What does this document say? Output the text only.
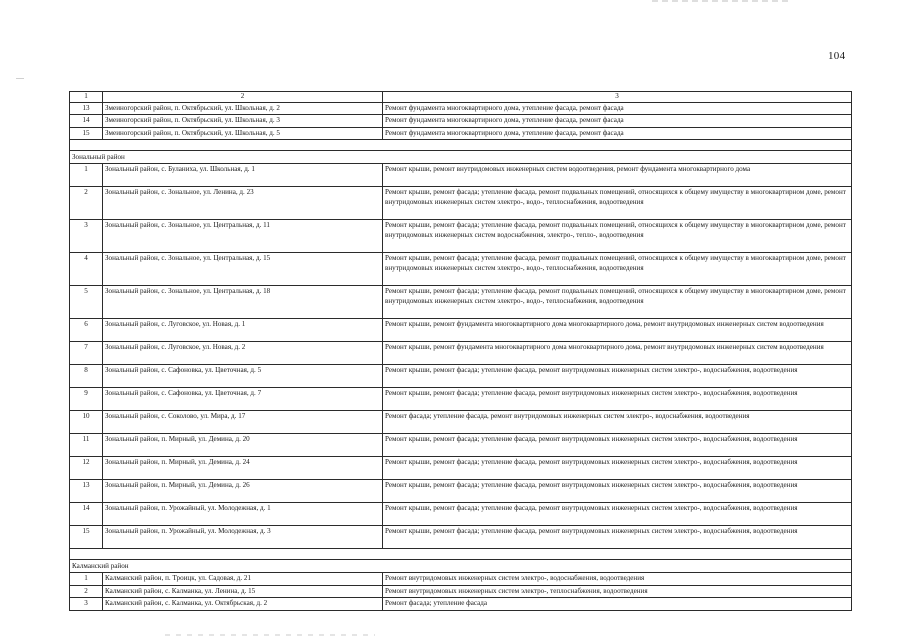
104
1	2	3
13	Змеиногорский район, п. Октябрьский, ул. Школьная, д. 2	Ремонт фундамента многоквартирного дома, утепление фасада, ремонт фасада
14	Змеиногорский район, п. Октябрьский, ул. Школьная, д. 3	Ремонт фундамента многоквартирного дома, утепление фасада, ремонт фасада
15	Змеиногорский район, п. Октябрьский, ул. Школьная, д. 5	Ремонт фундамента многоквартирного дома, утепление фасада, ремонт фасада

Зональный район		
1	Зональный район, с. Буланиха, ул. Школьная, д. 1	Ремонт крыши, ремонт внутридомовых инженерных систем водоотведения, ремонт фундамента многоквартирного дома
2	Зональный район, с. Зональное, ул. Ленина, д. 23	Ремонт крыши, ремонт фасада; утепление фасада, ремонт подвальных помещений, относящихся к общему имуществу в многоквартирном доме, ремонт внутридомовых инженерных систем электро-, водо-, теплоснабжения, водоотведения
3	Зональный район, с. Зональное, ул. Центральная, д. 11	Ремонт крыши, ремонт фасада; утепление фасада, ремонт подвальных помещений, относящихся к общему имуществу в многоквартирном доме, ремонт внутридомовых инженерных систем водоснабжения, электро-, тепло-, водоотведения
4	Зональный район, с. Зональное, ул. Центральная, д. 15	Ремонт крыши, ремонт фасада; утепление фасада, ремонт подвальных помещений, относящихся к общему имуществу в многоквартирном доме, ремонт внутридомовых инженерных систем электро-, водо-, теплоснабжения, водоотведения
5	Зональный район, с. Зональное, ул. Центральная, д. 18	Ремонт крыши, ремонт фасада; утепление фасада, ремонт подвальных помещений, относящихся к общему имуществу в многоквартирном доме, ремонт внутридомовых инженерных систем электро-, водо-, теплоснабжения, водоотведения
6	Зональный район, с. Луговское, ул. Новая, д. 1	Ремонт крыши, ремонт фундамента многоквартирного дома многоквартирного дома, ремонт внутридомовых инженерных систем водоотведения
7	Зональный район, с. Луговское, ул. Новая, д. 2	Ремонт крыши, ремонт фундамента многоквартирного дома многоквартирного дома, ремонт внутридомовых инженерных систем водоотведения
8	Зональный район, с. Сафоновка, ул. Цветочная, д. 5	Ремонт крыши, ремонт фасада; утепление фасада, ремонт внутридомовых инженерных систем электро-, водоснабжения, водоотведения
9	Зональный район, с. Сафоновка, ул. Цветочная, д. 7	Ремонт крыши, ремонт фасада; утепление фасада, ремонт внутридомовых инженерных систем электро-, водоснабжения, водоотведения
10	Зональный район, с. Соколово, ул. Мира, д. 17	Ремонт фасада; утепление фасада, ремонт внутридомовых инженерных систем электро-, водоснабжения, водоотведения
11	Зональный район, п. Мирный, ул. Демина, д. 20	Ремонт крыши, ремонт фасада; утепление фасада, ремонт внутридомовых инженерных систем электро-, водоснабжения, водоотведения
12	Зональный район, п. Мирный, ул. Демина, д. 24	Ремонт крыши, ремонт фасада; утепление фасада, ремонт внутридомовых инженерных систем электро-, водоснабжения, водоотведения
13	Зональный район, п. Мирный, ул. Демина, д. 26	Ремонт крыши, ремонт фасада; утепление фасада, ремонт внутридомовых инженерных систем электро-, водоснабжения, водоотведения
14	Зональный район, п. Урожайный, ул. Молодежная, д. 1	Ремонт крыши, ремонт фасада; утепление фасада, ремонт внутридомовых инженерных систем электро-, водоснабжения, водоотведения
15	Зональный район, п. Урожайный, ул. Молодежная, д. 3	Ремонт крыши, ремонт фасада; утепление фасада, ремонт внутридомовых инженерных систем электро-, водоснабжения, водоотведения

Калманский район		
1	Калманский район, п. Троицк, ул. Садовая, д. 21	Ремонт внутридомовых инженерных систем электро-, водоснабжения, водоотведения
2	Калманский район, с. Калманка, ул. Ленина, д. 15	Ремонт внутридомовых инженерных систем электро-, теплоснабжения, водоотведения
3	Калманский район, с. Калманка, ул. Октябрьская, д. 2	Ремонт фасада; утепление фасада
